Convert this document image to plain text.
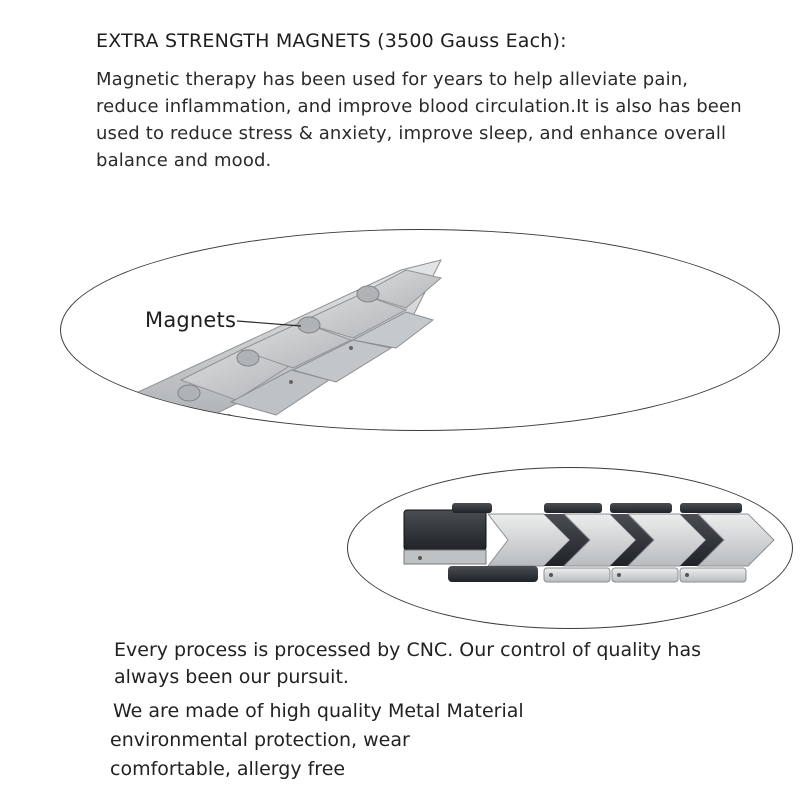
EXTRA STRENGTH MAGNETS (3500 Gauss Each):
Magnetic therapy has been used for years to help alleviate pain, reduce inflammation, and improve blood circulation.It is also has been used to reduce stress & anxiety, improve sleep, and enhance overall balance and mood.
Magnets
Every process is processed by CNC. Our control of quality has always been our pursuit.
We are made of high quality Metal Material
environmental protection, wear
comfortable, allergy free
